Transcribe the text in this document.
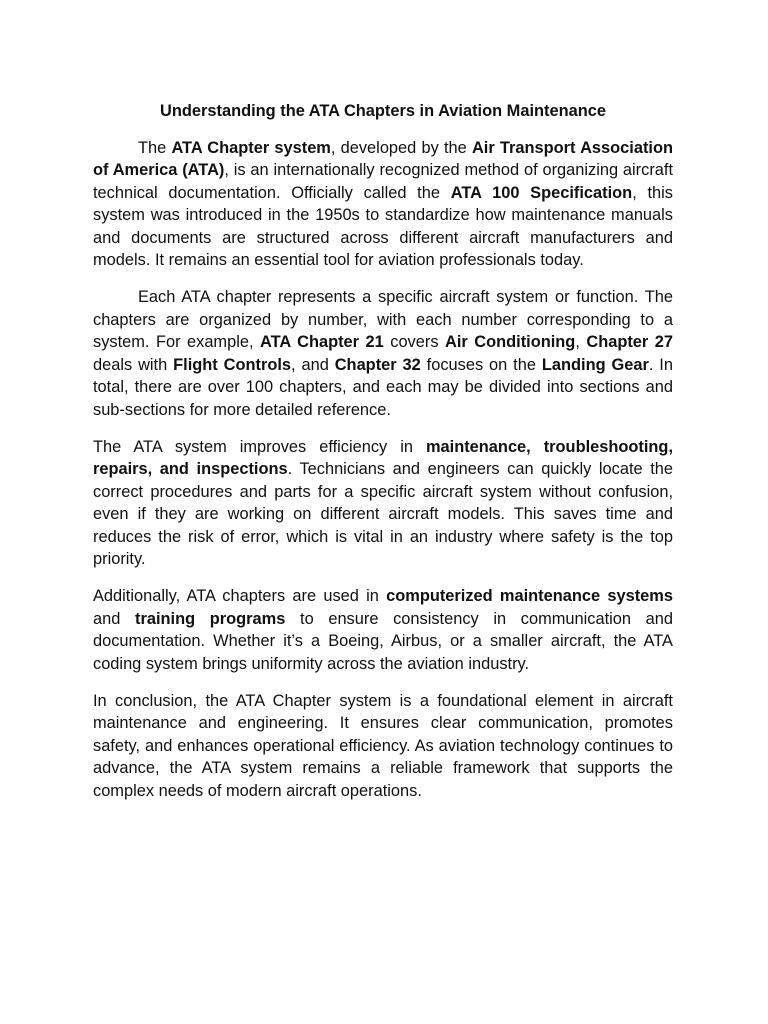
Understanding the ATA Chapters in Aviation Maintenance

The ATA Chapter system, developed by the Air Transport Association of America (ATA), is an internationally recognized method of organizing aircraft technical documentation. Officially called the ATA 100 Specification, this system was introduced in the 1950s to standardize how maintenance manuals and documents are structured across different aircraft manufacturers and models. It remains an essential tool for aviation professionals today.

Each ATA chapter represents a specific aircraft system or function. The chapters are organized by number, with each number corresponding to a system. For example, ATA Chapter 21 covers Air Conditioning, Chapter 27 deals with Flight Controls, and Chapter 32 focuses on the Landing Gear. In total, there are over 100 chapters, and each may be divided into sections and sub-sections for more detailed reference.

The ATA system improves efficiency in maintenance, troubleshooting, repairs, and inspections. Technicians and engineers can quickly locate the correct procedures and parts for a specific aircraft system without confusion, even if they are working on different aircraft models. This saves time and reduces the risk of error, which is vital in an industry where safety is the top priority.

Additionally, ATA chapters are used in computerized maintenance systems and training programs to ensure consistency in communication and documentation. Whether it’s a Boeing, Airbus, or a smaller aircraft, the ATA coding system brings uniformity across the aviation industry.

In conclusion, the ATA Chapter system is a foundational element in aircraft maintenance and engineering. It ensures clear communication, promotes safety, and enhances operational efficiency. As aviation technology continues to advance, the ATA system remains a reliable framework that supports the complex needs of modern aircraft operations.
